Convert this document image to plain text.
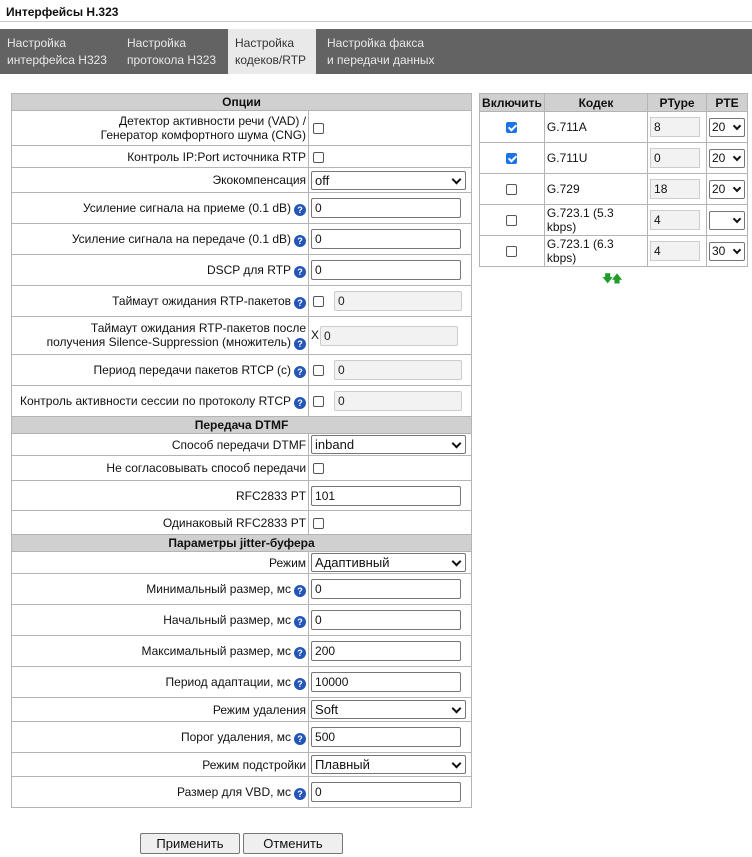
Интерфейсы H.323
Настройка
интерфейса H323
Настройка
протокола H323
Настройка
кодеков/RTP
Настройка факса
и передачи данных
Опции	

Детектор активности речи (VAD) /
Генератор комфортного шума (CNG)	

Контроль IP:Port источника RTP	
Экокомпенсация	off
Усиление сигнала на приеме (0.1 dB) ?	0
Усиление сигнала на передаче (0.1 dB) ?	0
DSCP для RTP ?	0
Таймаут ожидания RTP-пакетов ?	0

Таймаут ожидания RTP-пакетов после
получения Silence-Suppression (множитель) ?	X 0
Период передачи пакетов RTCP (с) ?	0
Контроль активности сессии по протоколу RTCP ?	0
Передача DTMF	
Способ передачи DTMF	inband
Не согласовывать способ передачи	
RFC2833 PT	101
Одинаковый RFC2833 PT	
Параметры jitter-буфера	
Режим	Адаптивный
Минимальный размер, мс ?	0
Начальный размер, мс ?	0
Максимальный размер, мс ?	200
Период адаптации, мс ?	10000
Режим удаления	Soft
Порог удаления, мс ?	500
Режим подстройки	Плавный
Размер для VBD, мс ?	0
Включить	Кодек	PType	PTE
	G.711A	8	20
	G.711U	0	20
	G.729	18	20
	G.723.1 (5.3 kbps)	4	
	G.723.1 (6.3 kbps)	4	30
🡇🡅
Применить	Отменить
